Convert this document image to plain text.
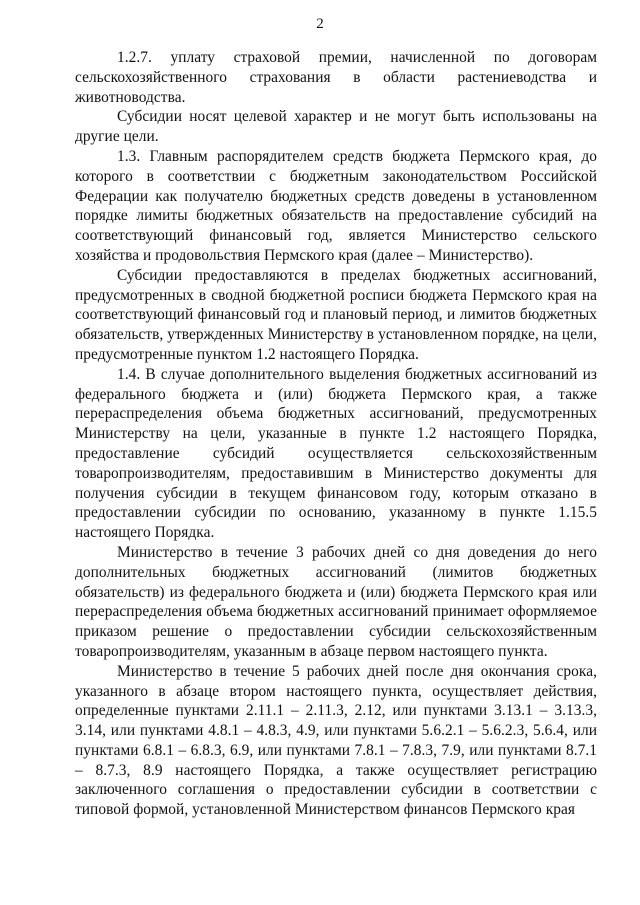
2

1.2.7. уплату страховой премии, начисленной по договорам сельскохозяйственного страхования в области растениеводства и животноводства.

Субсидии носят целевой характер и не могут быть использованы на другие цели.

1.3. Главным распорядителем средств бюджета Пермского края, до которого в соответствии с бюджетным законодательством Российской Федерации как получателю бюджетных средств доведены в установленном порядке лимиты бюджетных обязательств на предоставление субсидий на соответствующий финансовый год, является Министерство сельского хозяйства и продовольствия Пермского края (далее – Министерство).

Субсидии предоставляются в пределах бюджетных ассигнований, предусмотренных в сводной бюджетной росписи бюджета Пермского края на соответствующий финансовый год и плановый период, и лимитов бюджетных обязательств, утвержденных Министерству в установленном порядке, на цели, предусмотренные пунктом 1.2 настоящего Порядка.

1.4. В случае дополнительного выделения бюджетных ассигнований из федерального бюджета и (или) бюджета Пермского края, а также перераспределения объема бюджетных ассигнований, предусмотренных Министерству на цели, указанные в пункте 1.2 настоящего Порядка, предоставление субсидий осуществляется сельскохозяйственным товаропроизводителям, предоставившим в Министерство документы для получения субсидии в текущем финансовом году, которым отказано в предоставлении субсидии по основанию, указанному в пункте 1.15.5 настоящего Порядка.

Министерство в течение 3 рабочих дней со дня доведения до него дополнительных бюджетных ассигнований (лимитов бюджетных обязательств) из федерального бюджета и (или) бюджета Пермского края или перераспределения объема бюджетных ассигнований принимает оформляемое приказом решение о предоставлении субсидии сельскохозяйственным товаропроизводителям, указанным в абзаце первом настоящего пункта.

Министерство в течение 5 рабочих дней после дня окончания срока, указанного в абзаце втором настоящего пункта, осуществляет действия, определенные пунктами 2.11.1 – 2.11.3, 2.12, или пунктами 3.13.1 – 3.13.3, 3.14, или пунктами 4.8.1 – 4.8.3, 4.9, или пунктами 5.6.2.1 – 5.6.2.3, 5.6.4, или пунктами 6.8.1 – 6.8.3, 6.9, или пунктами 7.8.1 – 7.8.3, 7.9, или пунктами 8.7.1 – 8.7.3, 8.9 настоящего Порядка, а также осуществляет регистрацию заключенного соглашения о предоставлении субсидии в соответствии с типовой формой, установленной Министерством финансов Пермского края
